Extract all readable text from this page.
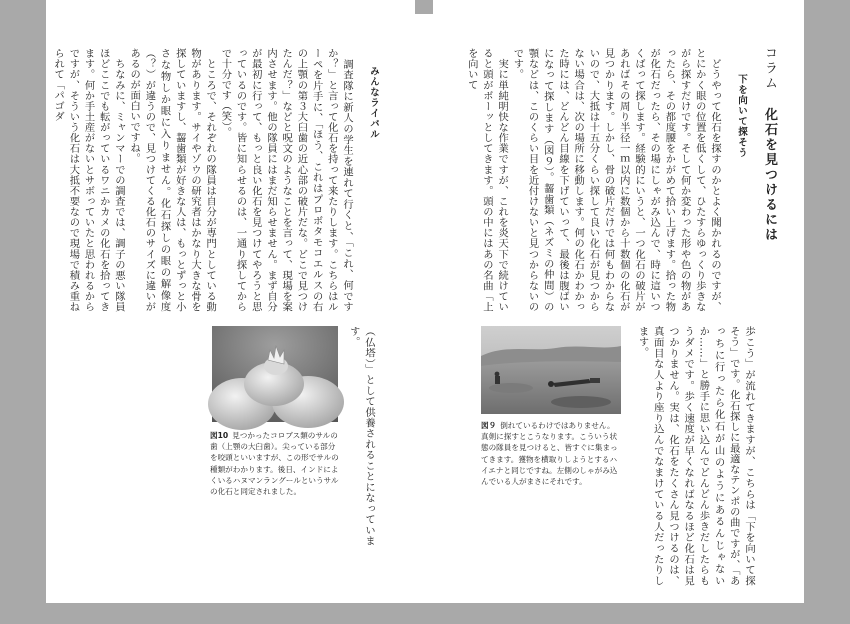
コラム 化石を見つけるには
下を向いて探そう
　どうやって化石を探すのかとよく聞かれるのですが、とにかく眼の位置を低くして、ひたすらゆっくり歩きながら探すだけです。そして何か変わった形や色の物があったら、その都度腰をかがめて拾い上げます。拾った物が化石だったら、その場にしゃがみ込んで、時に這いつくばって探します。経験的にいうと、一つ化石の破片があればその周り半径一ｍ以内に数個から十数個の化石が見つかります。しかし、骨の破片だけでは何もわからないので、大抵は十五分くらい探して良い化石が見つからない場合は、次の場所に移動します。何の化石かわかった時には、どんどん目線を下げていって、最後は腹ばいになって探します（図９）。齧歯類（ネズミの仲間）の顎などは、このくらい目を近付けないと見つからないのです。
　実に単純明快な作業ですが、これを炎天下で続けていると頭がボーッとしてきます。頭の中にはあの名曲「上を向いて
歩こう」が流れてきますが、こちらは「下を向いて探そう」です。化石探しに最適なテンポの曲ですが、「あっちに行ったら化石が山のようにあるんじゃないか……」と勝手に思い込んでどんどん歩きだしたらもうダメです。歩く速度が早くなればなるほど化石は見つかりません。実は、化石をたくさん見つけるのは、真面目な人より座り込んでなまけている人だったりします。
図９ 倒れているわけではありません。真剣に探すとこうなります。こういう状態の隊員を見つけると、皆すぐに集まってきます。獲物を横取りしようとするハイエナと同じですね。左側のしゃがみ込んでいる人がまさにそれです。
みんなライバル
　調査隊に新人の学生を連れて行くと、「これ、何ですか？」と言って化石を持って来たりします。こちらはルーペを片手に、「ほう、これはプロボタモコエルスの右の上顎の第３大臼歯の近心部の破片だな。どこで見つけたんだ？」などと呪文のようなことを言って、現場を案内させます。他の隊員にはまだ知らせません。まず自分が最初に行って、もっと良い化石を見つけてやろうと思っているのです。皆に知らせるのは、一通り探してからで十分です（笑）。
　ところで、それぞれの隊員は自分が専門としている動物があります。サイやゾウの研究者はかなり大きな骨を探していますし、齧歯類が好きな人は、もっとずっと小さな物しか眼に入りません。化石探しの眼の解像度（？）が違うので、見つけてくる化石のサイズに違いがあるのが面白いですね。
　ちなみに、ミャンマーでの調査では、調子の悪い隊員ほどここでも転がっているワニかカメの化石を拾ってきます。何か手土産がないとサボっていたと思われるからですが、そういう化石は大抵不要なので現場で積み重ねられて「パゴダ
（仏塔）」として供養されることになっています。
図10 見つかったコロブス類のサルの歯（上顎の大臼歯）。尖っている部分を咬頭といいますが、この形でサルの種類がわかります。後日、インドによくいるハヌマンラングールというサルの化石と同定されました。
